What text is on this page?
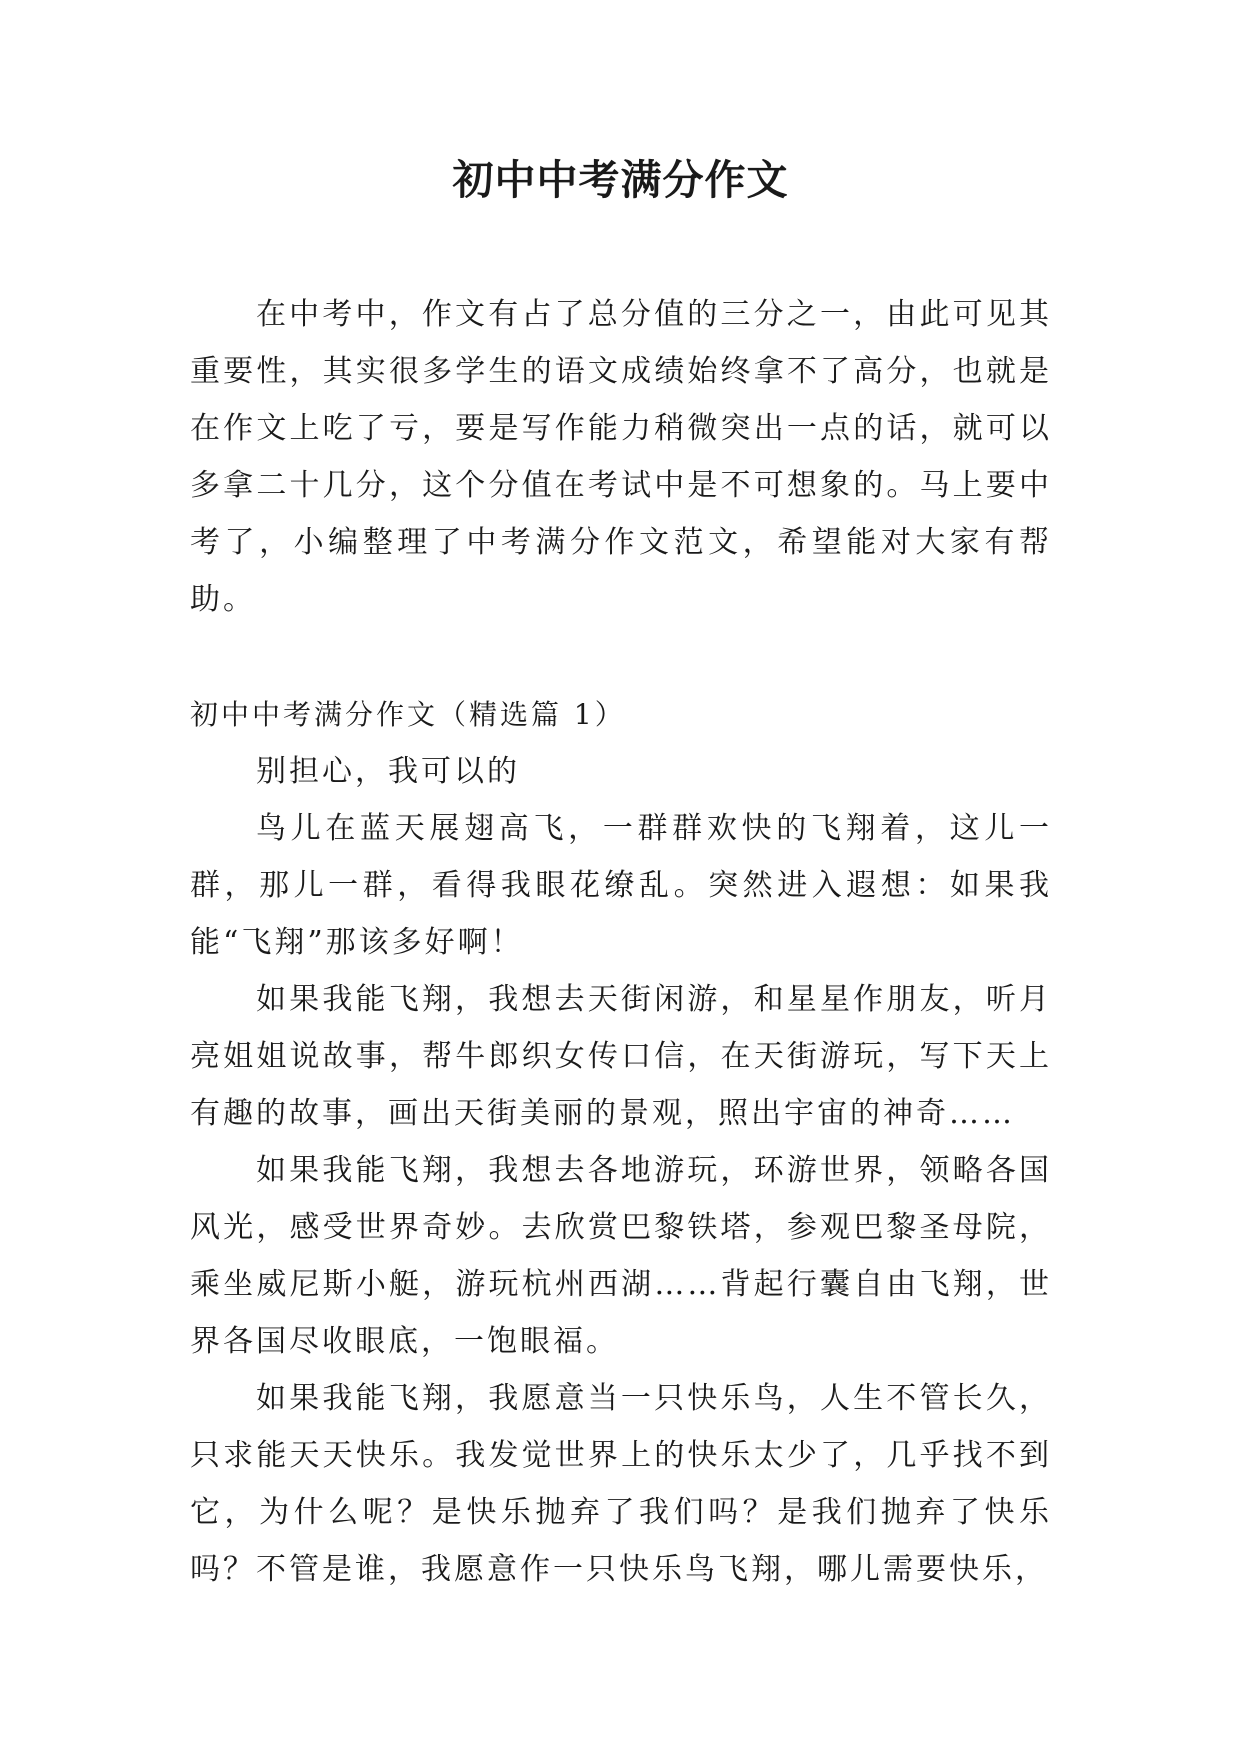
初中中考满分作文

在中考中，作文有占了总分值的三分之一，由此可见其重要性，其实很多学生的语文成绩始终拿不了高分，也就是在作文上吃了亏，要是写作能力稍微突出一点的话，就可以多拿二十几分，这个分值在考试中是不可想象的。马上要中考了，小编整理了中考满分作文范文，希望能对大家有帮助。

初中中考满分作文（精选篇 1）

别担心，我可以的

鸟儿在蓝天展翅高飞，一群群欢快的飞翔着，这儿一群，那儿一群，看得我眼花缭乱。突然进入遐想：如果我能“飞翔”那该多好啊！

如果我能飞翔，我想去天街闲游，和星星作朋友，听月亮姐姐说故事，帮牛郎织女传口信，在天街游玩，写下天上有趣的故事，画出天街美丽的景观，照出宇宙的神奇……

如果我能飞翔，我想去各地游玩，环游世界，领略各国风光，感受世界奇妙。去欣赏巴黎铁塔，参观巴黎圣母院，乘坐威尼斯小艇，游玩杭州西湖……背起行囊自由飞翔，世界各国尽收眼底，一饱眼福。

如果我能飞翔，我愿意当一只快乐鸟，人生不管长久，只求能天天快乐。我发觉世界上的快乐太少了，几乎找不到它，为什么呢？是快乐抛弃了我们吗？是我们抛弃了快乐吗？不管是谁，我愿意作一只快乐鸟飞翔，哪儿需要快乐，
